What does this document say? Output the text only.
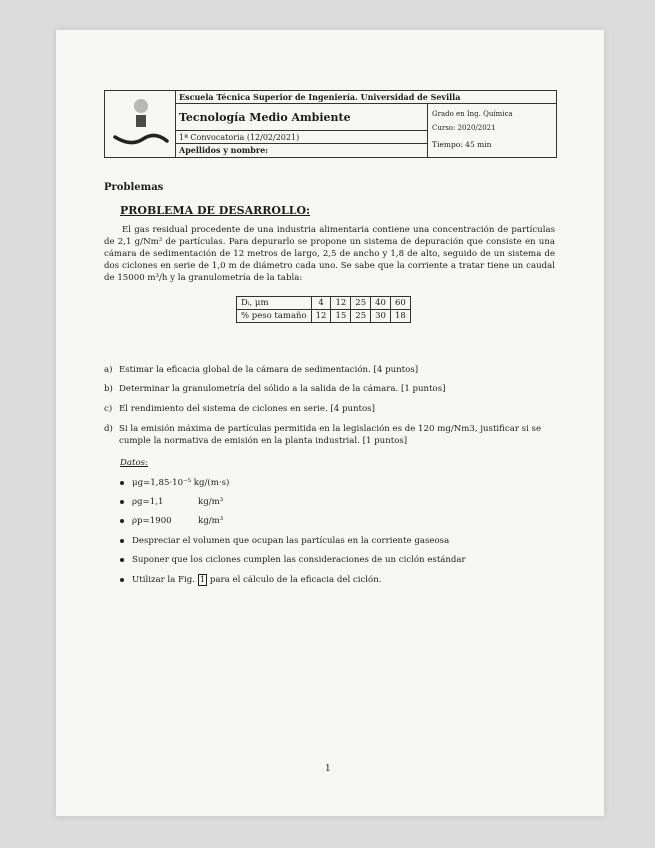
Escuela Técnica Superior de Ingeniería. Universidad de Sevilla
Tecnología Medio Ambiente
1ª Convocatoria (12/02/2021)
Apellidos y nombre:
Grado en Ing. Química
Curso: 2020/2021
Tiempo: 45 min
Problemas
PROBLEMA DE DESARROLLO:
El gas residual procedente de una industria alimentaria contiene una concentración de partículas de 2,1 g/Nm³ de partículas. Para depurarlo se propone un sistema de depuración que consiste en una cámara de sedimentación de 12 metros de largo, 2,5 de ancho y 1,8 de alto, seguido de un sistema de dos ciclones en serie de 1,0 m de diámetro cada uno. Se sabe que la corriente a tratar tiene un caudal de 15000 m³/h y la granulometría de la tabla:
Dᵢ, μm	4	12	25	40	60
% peso tamaño	12	15	25	30	18
a) Estimar la eficacia global de la cámara de sedimentación. [4 puntos]
b) Determinar la granulometría del sólido a la salida de la cámara. [1 puntos]
c) El rendimiento del sistema de ciclones en serie. [4 puntos]
d) Si la emisión máxima de partículas permitida en la legislación es de 120 mg/Nm3, justificar si se cumple la normativa de emisión en la planta industrial. [1 puntos]
Datos:
μg=1,85·10⁻⁵ kg/(m·s)
ρg=1,1	kg/m³
ρp=1900	kg/m³
Despreciar el volumen que ocupan las partículas en la corriente gaseosa
Suponer que los ciclones cumplen las consideraciones de un ciclón estándar
Utilizar la Fig. 1 para el cálculo de la eficacia del ciclón.
1
